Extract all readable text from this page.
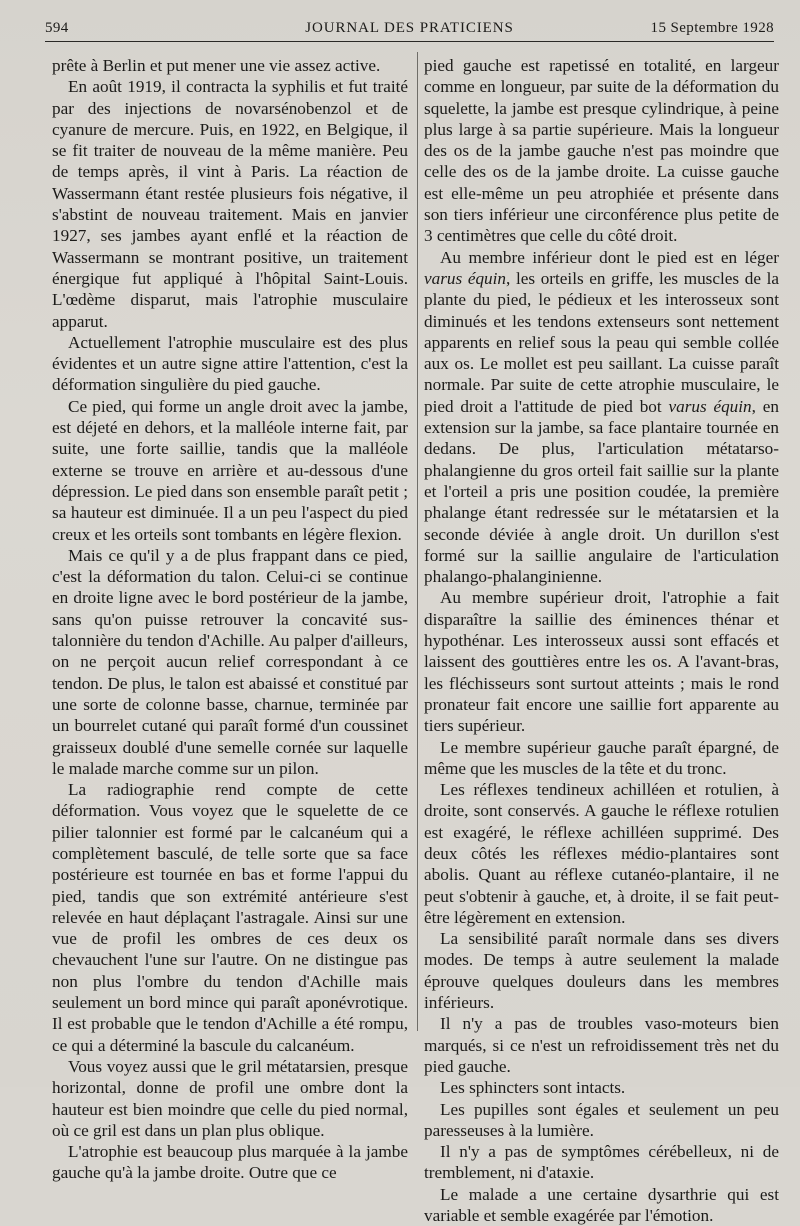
594	JOURNAL DES PRATICIENS	15 Septembre 1928

prête à Berlin et put mener une vie assez active.

En août 1919, il contracta la syphilis et fut traité par des injections de novarsénobenzol et de cyanure de mercure. Puis, en 1922, en Belgique, il se fit traiter de nouveau de la même manière. Peu de temps après, il vint à Paris. La réaction de Wassermann étant restée plusieurs fois négative, il s'abstint de nouveau traitement. Mais en janvier 1927, ses jambes ayant enflé et la réaction de Wassermann se montrant positive, un traitement énergique fut appliqué à l'hôpital Saint-Louis. L'œdème disparut, mais l'atrophie musculaire apparut.

Actuellement l'atrophie musculaire est des plus évidentes et un autre signe attire l'attention, c'est la déformation singulière du pied gauche.

Ce pied, qui forme un angle droit avec la jambe, est déjeté en dehors, et la malléole interne fait, par suite, une forte saillie, tandis que la malléole externe se trouve en arrière et au-dessous d'une dépression. Le pied dans son ensemble paraît petit ; sa hauteur est diminuée. Il a un peu l'aspect du pied creux et les orteils sont tombants en légère flexion.

Mais ce qu'il y a de plus frappant dans ce pied, c'est la déformation du talon. Celui-ci se continue en droite ligne avec le bord postérieur de la jambe, sans qu'on puisse retrouver la concavité sus-talonnière du tendon d'Achille. Au palper d'ailleurs, on ne perçoit aucun relief correspondant à ce tendon. De plus, le talon est abaissé et constitué par une sorte de colonne basse, charnue, terminée par un bourrelet cutané qui paraît formé d'un coussinet graisseux doublé d'une semelle cornée sur laquelle le malade marche comme sur un pilon.

La radiographie rend compte de cette déformation. Vous voyez que le squelette de ce pilier talonnier est formé par le calcanéum qui a complètement basculé, de telle sorte que sa face postérieure est tournée en bas et forme l'appui du pied, tandis que son extrémité antérieure s'est relevée en haut déplaçant l'astragale. Ainsi sur une vue de profil les ombres de ces deux os chevauchent l'une sur l'autre. On ne distingue pas non plus l'ombre du tendon d'Achille mais seulement un bord mince qui paraît aponévrotique. Il est probable que le tendon d'Achille a été rompu, ce qui a déterminé la bascule du calcanéum.

Vous voyez aussi que le gril métatarsien, presque horizontal, donne de profil une ombre dont la hauteur est bien moindre que celle du pied normal, où ce gril est dans un plan plus oblique.

L'atrophie est beaucoup plus marquée à la jambe gauche qu'à la jambe droite. Outre que ce

pied gauche est rapetissé en totalité, en largeur comme en longueur, par suite de la déformation du squelette, la jambe est presque cylindrique, à peine plus large à sa partie supérieure. Mais la longueur des os de la jambe gauche n'est pas moindre que celle des os de la jambe droite. La cuisse gauche est elle-même un peu atrophiée et présente dans son tiers inférieur une circonférence plus petite de 3 centimètres que celle du côté droit.

Au membre inférieur dont le pied est en léger varus équin, les orteils en griffe, les muscles de la plante du pied, le pédieux et les interosseux sont diminués et les tendons extenseurs sont nettement apparents en relief sous la peau qui semble collée aux os. Le mollet est peu saillant. La cuisse paraît normale. Par suite de cette atrophie musculaire, le pied droit a l'attitude de pied bot varus équin, en extension sur la jambe, sa face plantaire tournée en dedans. De plus, l'articulation métatarso-phalangienne du gros orteil fait saillie sur la plante et l'orteil a pris une position coudée, la première phalange étant redressée sur le métatarsien et la seconde déviée à angle droit. Un durillon s'est formé sur la saillie angulaire de l'articulation phalango-phalanginienne.

Au membre supérieur droit, l'atrophie a fait disparaître la saillie des éminences thénar et hypothénar. Les interosseux aussi sont effacés et laissent des gouttières entre les os. A l'avant-bras, les fléchisseurs sont surtout atteints ; mais le rond pronateur fait encore une saillie fort apparente au tiers supérieur.

Le membre supérieur gauche paraît épargné, de même que les muscles de la tête et du tronc.

Les réflexes tendineux achilléen et rotulien, à droite, sont conservés. A gauche le réflexe rotulien est exagéré, le réflexe achilléen supprimé. Des deux côtés les réflexes médio-plantaires sont abolis. Quant au réflexe cutanéo-plantaire, il ne peut s'obtenir à gauche, et, à droite, il se fait peut-être légèrement en extension.

La sensibilité paraît normale dans ses divers modes. De temps à autre seulement la malade éprouve quelques douleurs dans les membres inférieurs.

Il n'y a pas de troubles vaso-moteurs bien marqués, si ce n'est un refroidissement très net du pied gauche.

Les sphincters sont intacts.

Les pupilles sont égales et seulement un peu paresseuses à la lumière.

Il n'y a pas de symptômes cérébelleux, ni de tremblement, ni d'ataxie.

Le malade a une certaine dysarthrie qui est variable et semble exagérée par l'émotion.
